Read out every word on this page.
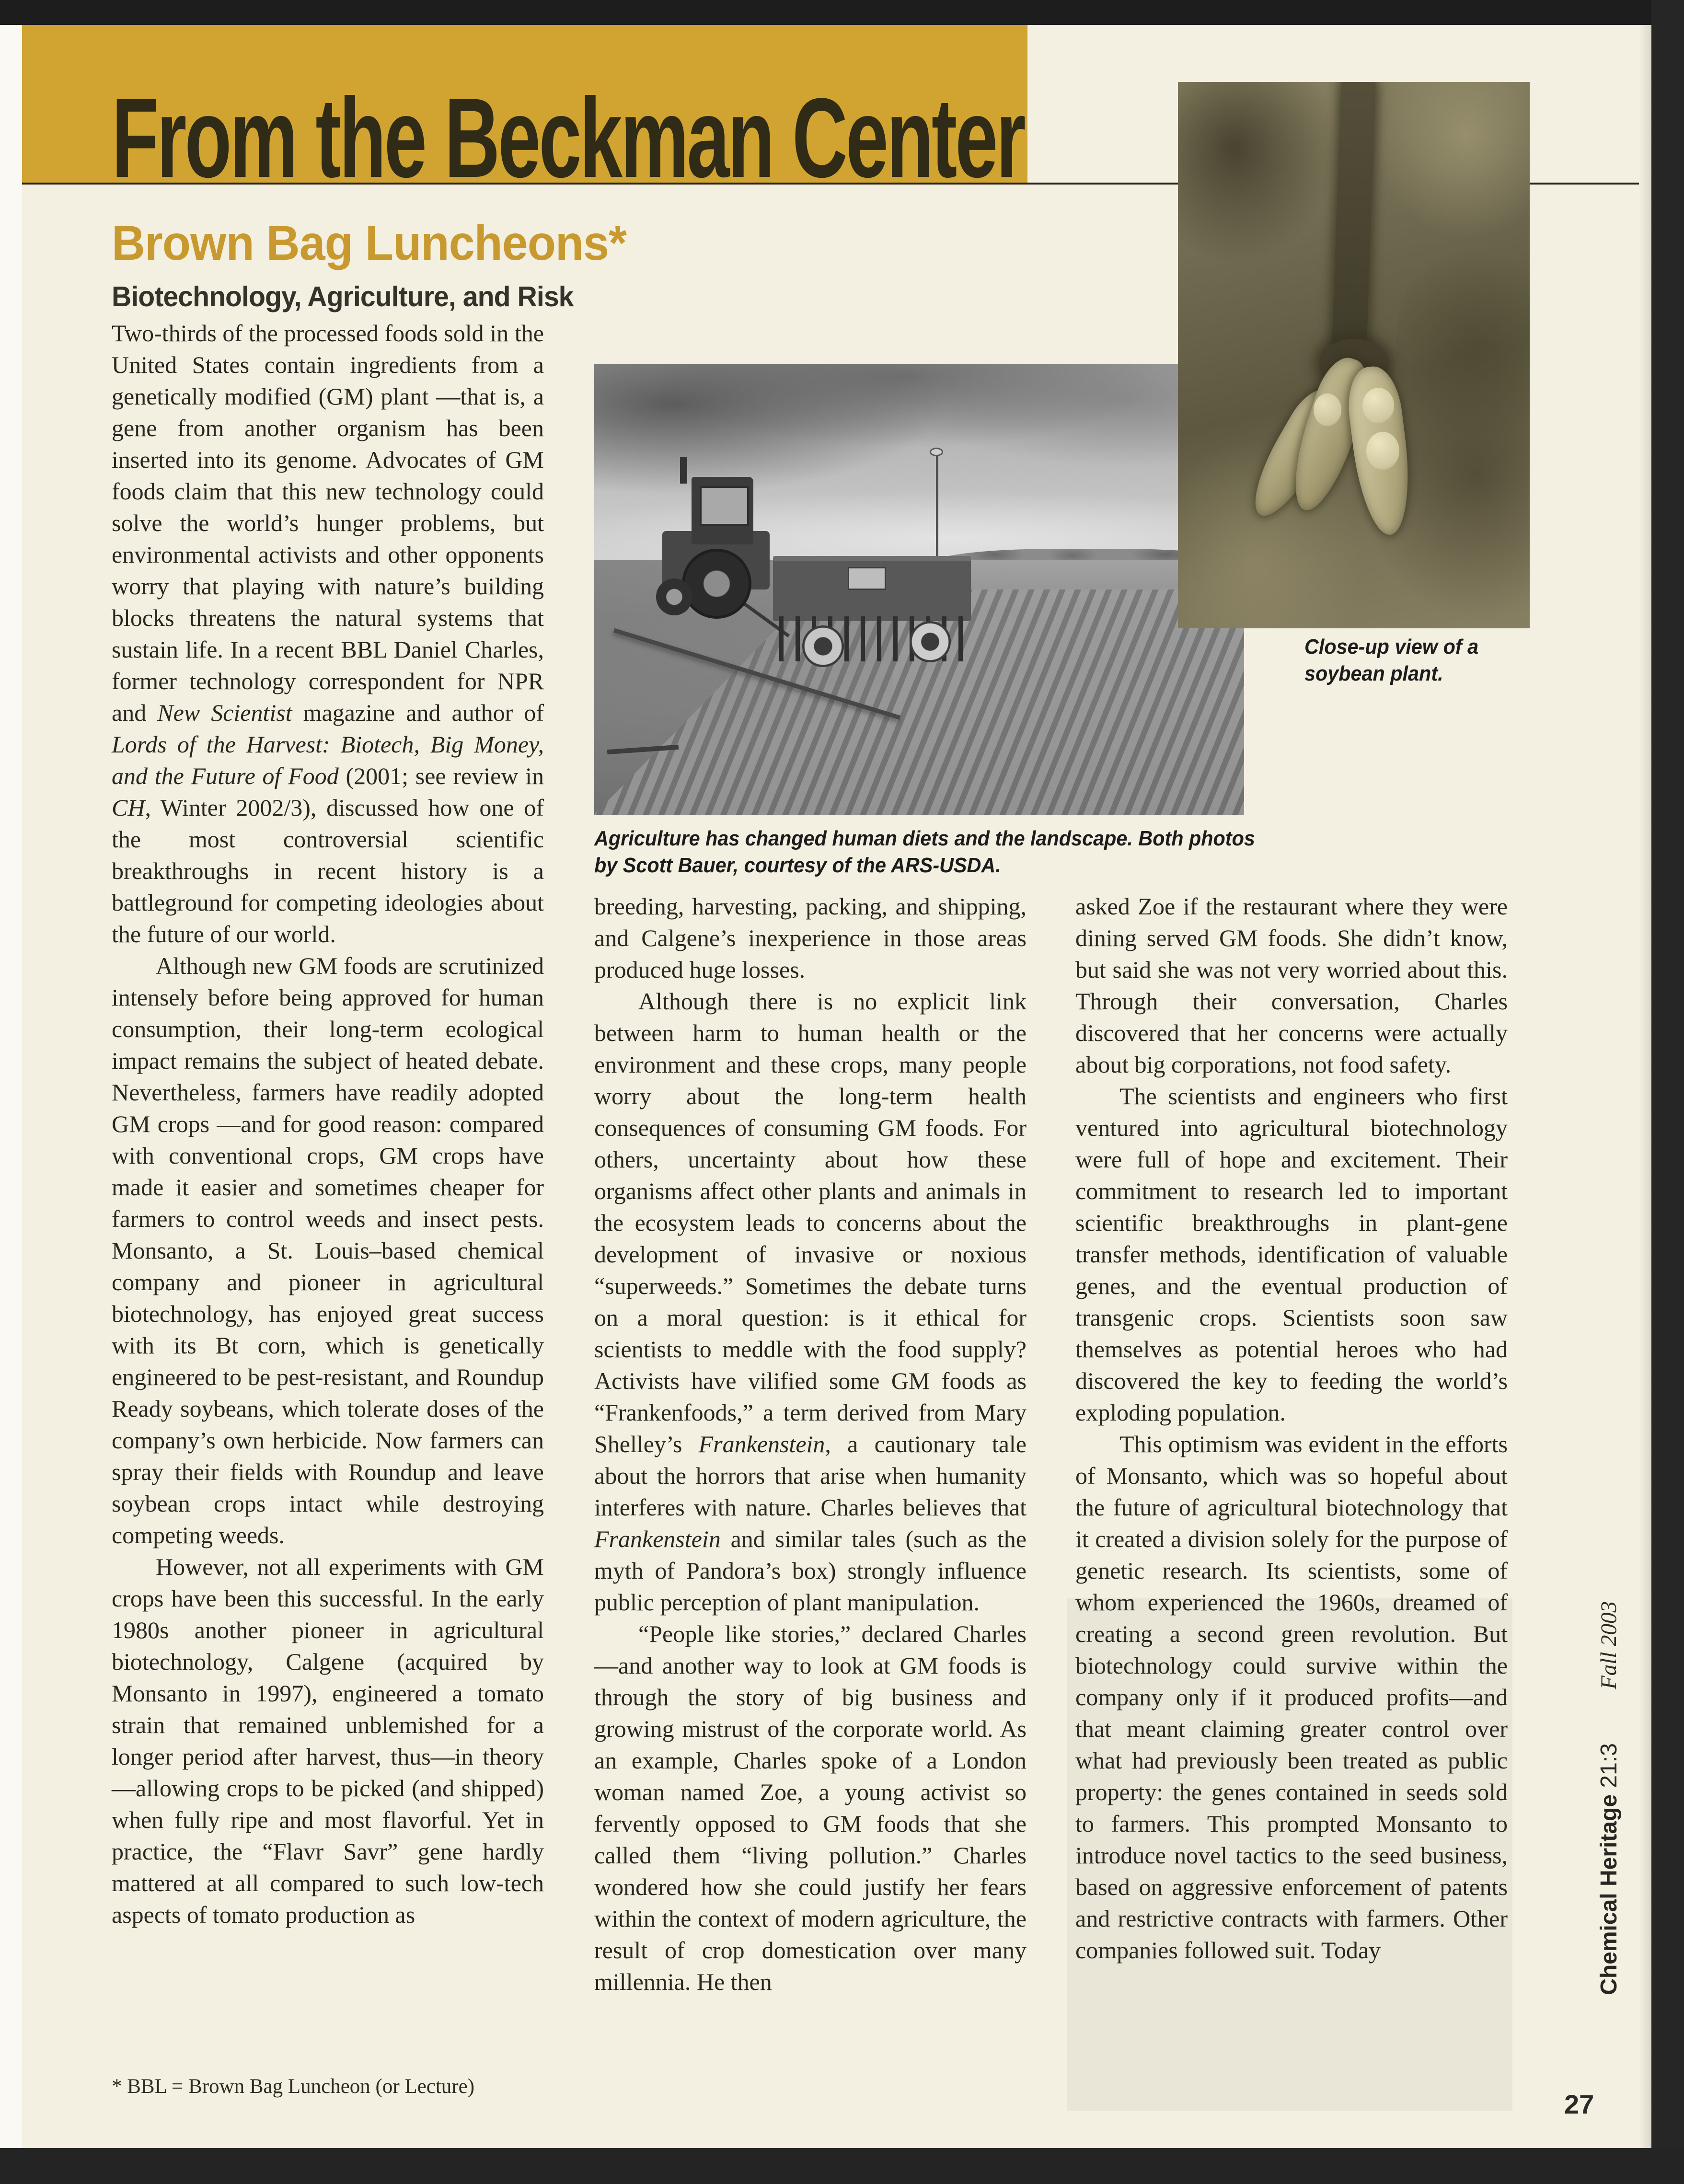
From the Beckman Center
Brown Bag Luncheons*
Biotechnology, Agriculture, and Risk

Two-thirds of the processed foods sold in the United States contain ingredients from a genetically modified (GM) plant —that is, a gene from another organism has been inserted into its genome. Advocates of GM foods claim that this new technology could solve the world’s hunger problems, but environmental activists and other opponents worry that playing with nature’s building blocks threatens the natural systems that sustain life. In a recent BBL Daniel Charles, former technology correspondent for NPR and New Scientist magazine and author of Lords of the Harvest: Biotech, Big Money, and the Future of Food (2001; see review in CH, Winter 2002/3), discussed how one of the most controversial scientific breakthroughs in recent history is a battleground for competing ideologies about the future of our world.

Although new GM foods are scrutinized intensely before being approved for human consumption, their long-term ecological impact remains the subject of heated debate. Nevertheless, farmers have readily adopted GM crops —and for good reason: compared with conventional crops, GM crops have made it easier and sometimes cheaper for farmers to control weeds and insect pests. Monsanto, a St. Louis–based chemical company and pioneer in agricultural biotechnology, has enjoyed great success with its Bt corn, which is genetically engineered to be pest-resistant, and Roundup Ready soybeans, which tolerate doses of the company’s own herbicide. Now farmers can spray their fields with Roundup and leave soybean crops intact while destroying competing weeds.

However, not all experiments with GM crops have been this successful. In the early 1980s another pioneer in agricultural biotechnology, Calgene (acquired by Monsanto in 1997), engineered a tomato strain that remained unblemished for a longer period after harvest, thus—in theory—allowing crops to be picked (and shipped) when fully ripe and most flavorful. Yet in practice, the “Flavr Savr” gene hardly mattered at all compared to such low-tech aspects of tomato production as

* BBL = Brown Bag Luncheon (or Lecture)
Agriculture has changed human diets and the landscape. Both photos by Scott Bauer, courtesy of the ARS-USDA.
Close-up view of a soybean plant.

breeding, harvesting, packing, and shipping, and Calgene’s inexperience in those areas produced huge losses.

Although there is no explicit link between harm to human health or the environment and these crops, many people worry about the long-term health consequences of consuming GM foods. For others, uncertainty about how these organisms affect other plants and animals in the ecosystem leads to concerns about the development of invasive or noxious “superweeds.” Sometimes the debate turns on a moral question: is it ethical for scientists to meddle with the food supply? Activists have vilified some GM foods as “Frankenfoods,” a term derived from Mary Shelley’s Frankenstein, a cautionary tale about the horrors that arise when humanity interferes with nature. Charles believes that Frankenstein and similar tales (such as the myth of Pandora’s box) strongly influence public perception of plant manipulation.

“People like stories,” declared Charles—and another way to look at GM foods is through the story of big business and growing mistrust of the corporate world. As an example, Charles spoke of a London woman named Zoe, a young activist so fervently opposed to GM foods that she called them “living pollution.” Charles wondered how she could justify her fears within the context of modern agriculture, the result of crop domestication over many millennia. He then

asked Zoe if the restaurant where they were dining served GM foods. She didn’t know, but said she was not very worried about this. Through their conversation, Charles discovered that her concerns were actually about big corporations, not food safety.

The scientists and engineers who first ventured into agricultural biotechnology were full of hope and excitement. Their commitment to research led to important scientific breakthroughs in plant-gene transfer methods, identification of valuable genes, and the eventual production of transgenic crops. Scientists soon saw themselves as potential heroes who had discovered the key to feeding the world’s exploding population.

This optimism was evident in the efforts of Monsanto, which was so hopeful about the future of agricultural biotechnology that it created a division solely for the purpose of genetic research. Its scientists, some of whom experienced the 1960s, dreamed of creating a second green revolution. But biotechnology could survive within the company only if it produced profits—and that meant claiming greater control over what had previously been treated as public property: the genes contained in seeds sold to farmers. This prompted Monsanto to introduce novel tactics to the seed business, based on aggressive enforcement of patents and restrictive contracts with farmers. Other companies followed suit. Today

Fall 2003
Chemical Heritage 21:3
27
